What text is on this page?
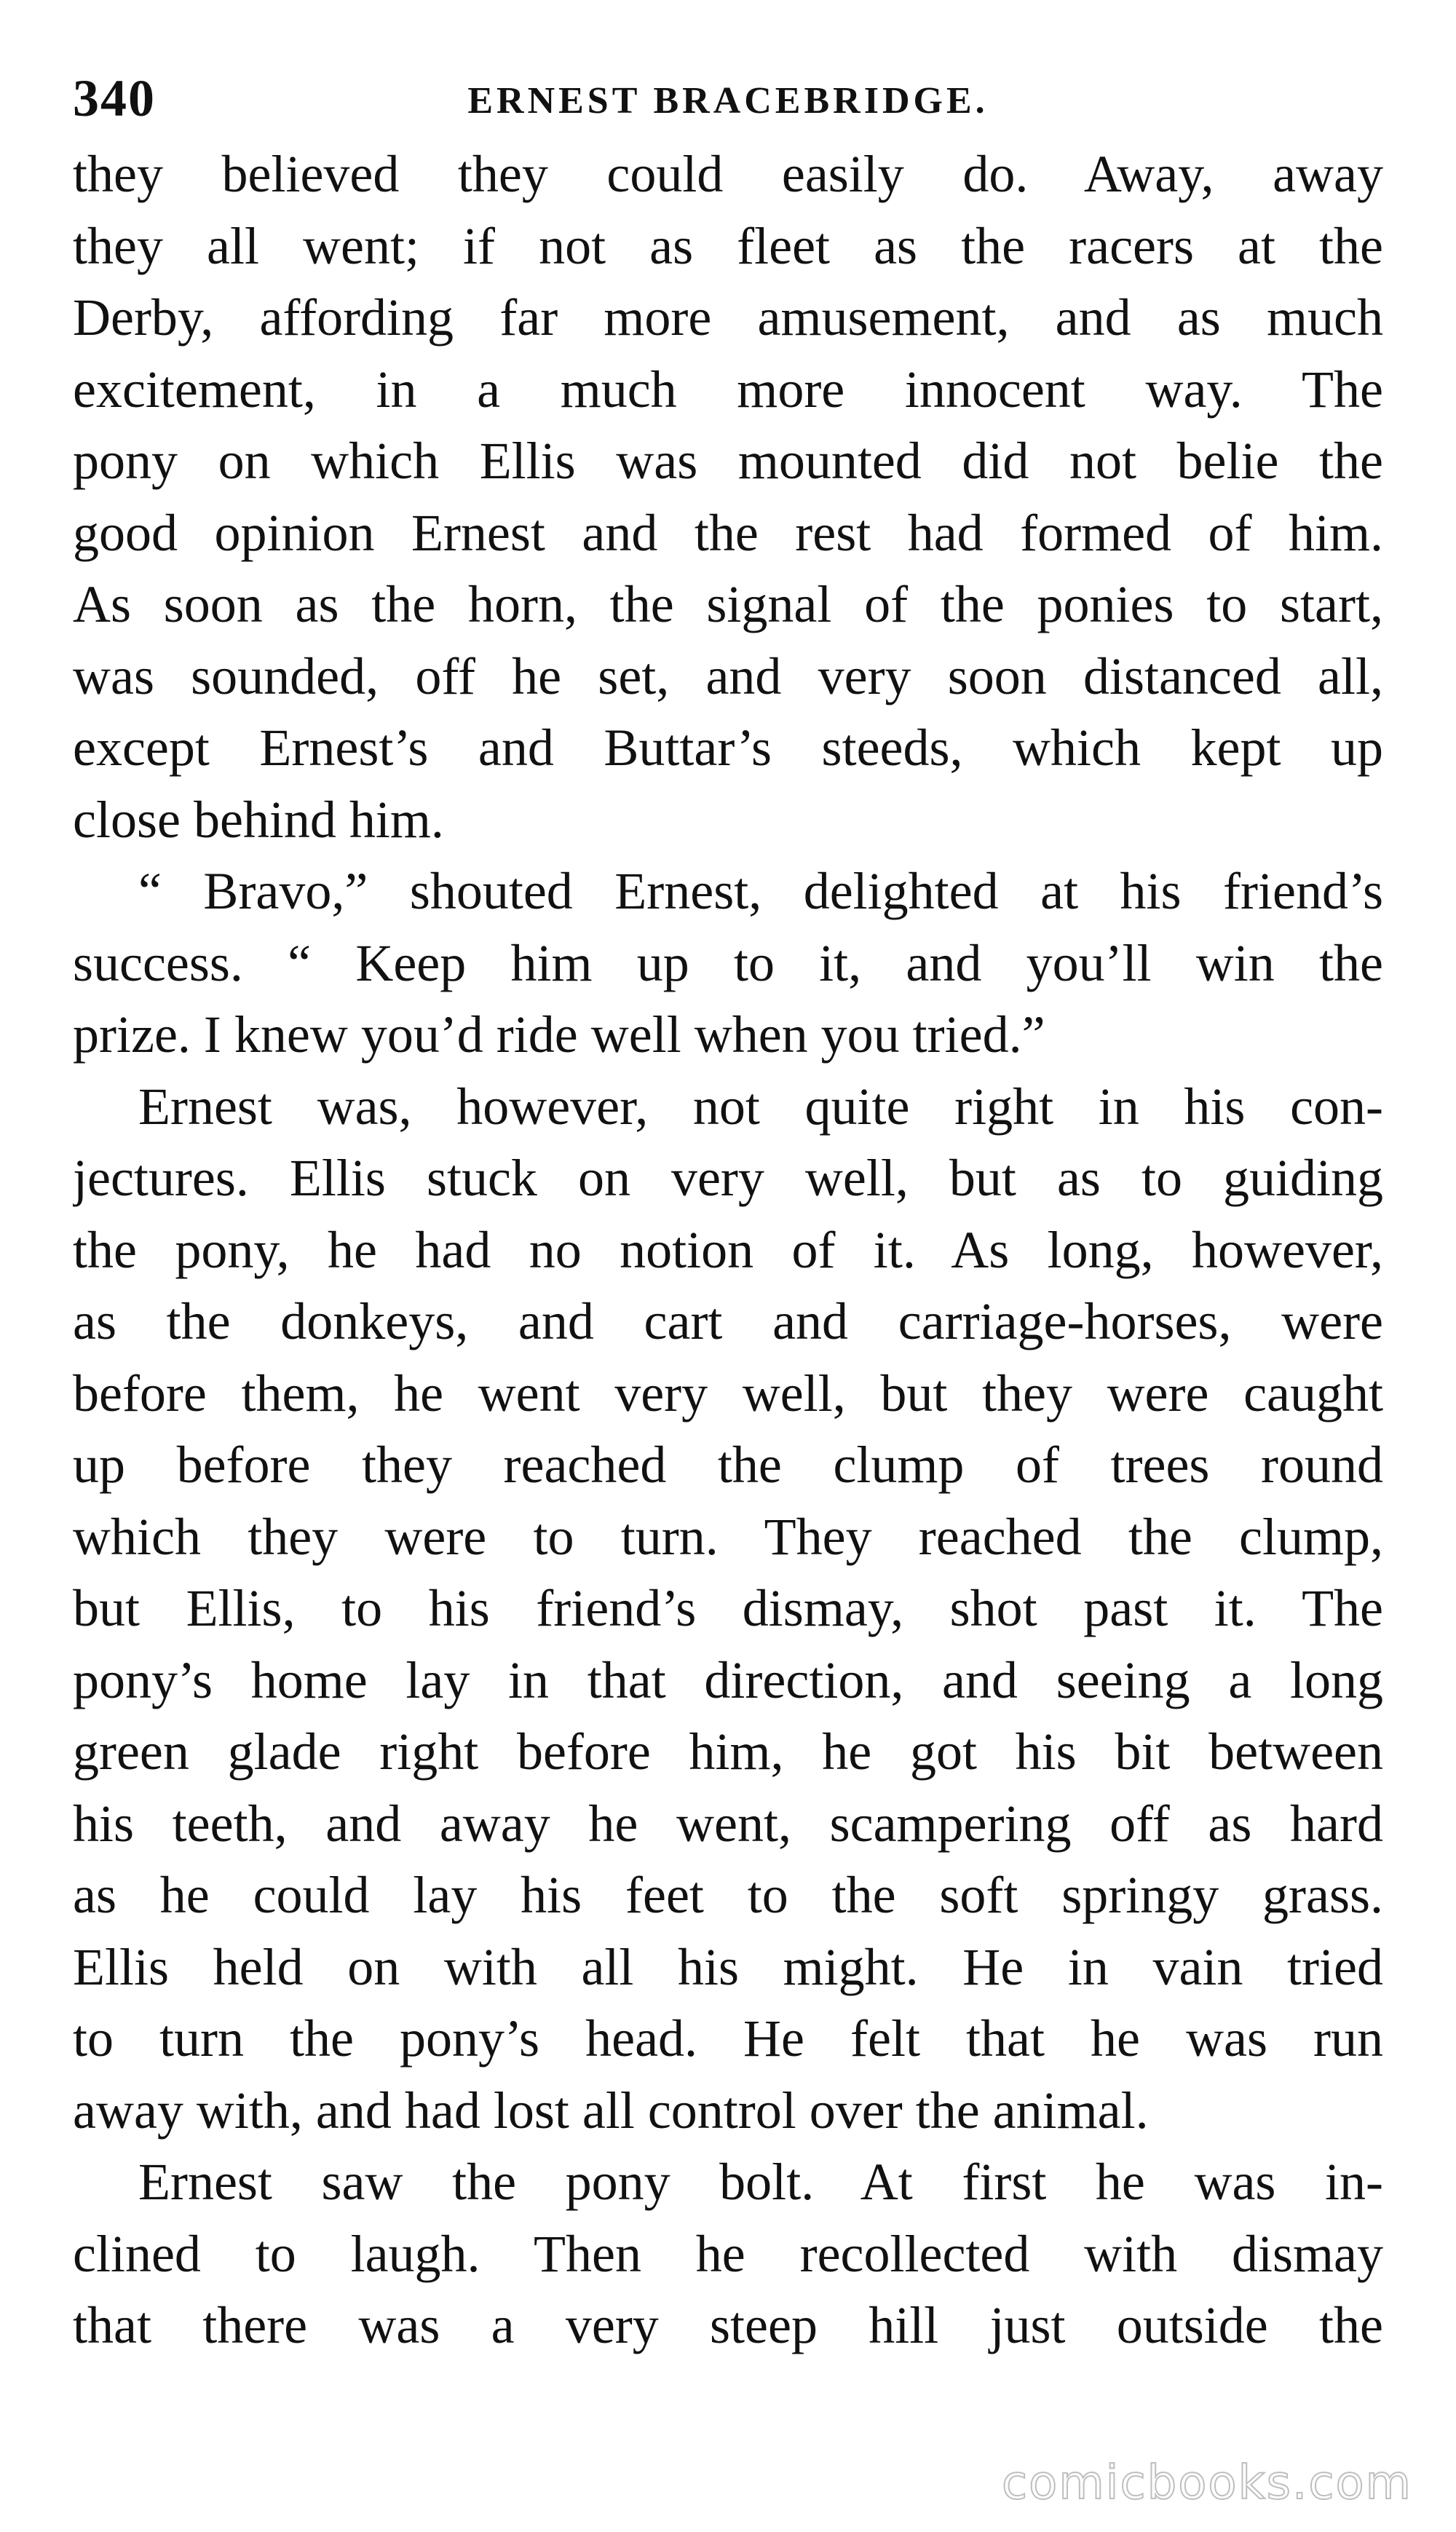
340	ERNEST BRACEBRIDGE.
they believed they could easily do. Away, away
they all went; if not as fleet as the racers at the
Derby, affording far more amusement, and as much
excitement, in a much more innocent way. The
pony on which Ellis was mounted did not belie the
good opinion Ernest and the rest had formed of him.
As soon as the horn, the signal of the ponies to start,
was sounded, off he set, and very soon distanced all,
except Ernest’s and Buttar’s steeds, which kept up
close behind him.
“ Bravo,” shouted Ernest, delighted at his friend’s
success. “ Keep him up to it, and you’ll win the
prize. I knew you’d ride well when you tried.”
Ernest was, however, not quite right in his con-
jectures. Ellis stuck on very well, but as to guiding
the pony, he had no notion of it. As long, however,
as the donkeys, and cart and carriage-horses, were
before them, he went very well, but they were caught
up before they reached the clump of trees round
which they were to turn. They reached the clump,
but Ellis, to his friend’s dismay, shot past it. The
pony’s home lay in that direction, and seeing a long
green glade right before him, he got his bit between
his teeth, and away he went, scampering off as hard
as he could lay his feet to the soft springy grass.
Ellis held on with all his might. He in vain tried
to turn the pony’s head. He felt that he was run
away with, and had lost all control over the animal.
Ernest saw the pony bolt. At first he was in-
clined to laugh. Then he recollected with dismay
that there was a very steep hill just outside the
comicbooks.com
